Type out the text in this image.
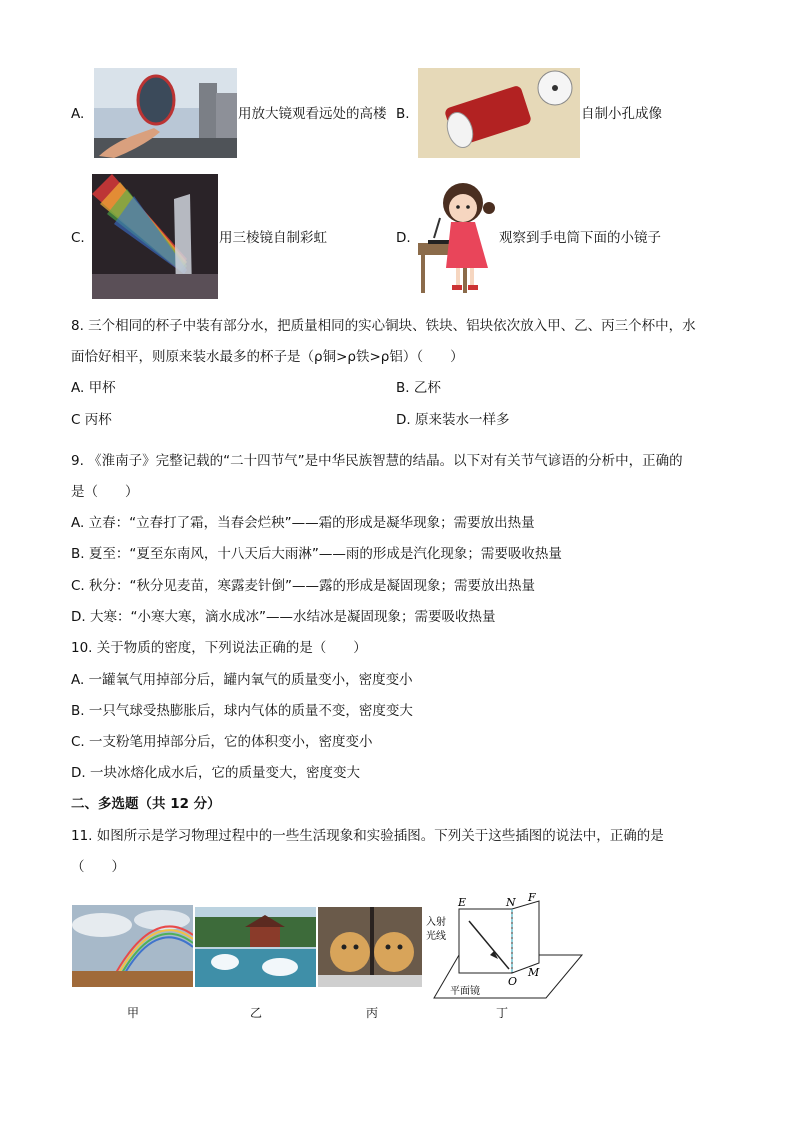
A.	用放大镜观看远处的高楼 B.	自制小孔成像
C.	用三棱镜自制彩虹	D.	观察到手电筒下面的小镜子
8. 三个相同的杯子中装有部分水，把质量相同的实心铜块、铁块、铝块依次放入甲、乙、丙三个杯中，水
面恰好相平，则原来装水最多的杯子是（ρ铜>ρ铁>ρ铝）（　　）
A. 甲杯	B. 乙杯
C 丙杯	D. 原来装水一样多
9. 《淮南子》完整记载的“二十四节气”是中华民族智慧的结晶。以下对有关节气谚语的分析中，正确的
是（　　）
A. 立春：“立春打了霜，当春会烂秧”——霜的形成是凝华现象；需要放出热量
B. 夏至：“夏至东南风，十八天后大雨淋”——雨的形成是汽化现象；需要吸收热量
C. 秋分：“秋分见麦苗，寒露麦针倒”——露的形成是凝固现象；需要放出热量
D. 大寒：“小寒大寒，滴水成冰”——水结冰是凝固现象；需要吸收热量
10. 关于物质的密度，下列说法正确的是（　　）
A. 一罐氧气用掉部分后，罐内氧气的质量变小，密度变小
B. 一只气球受热膨胀后，球内气体的质量不变，密度变大
C. 一支粉笔用掉部分后，它的体积变小，密度变小
D. 一块冰熔化成水后，它的质量变大，密度变大
二、多选题（共 12 分）
11. 如图所示是学习物理过程中的一些生活现象和实验插图。下列关于这些插图的说法中，正确的是
（　　）
E	N F
O
M
入射
光线
平面镜
甲	乙	丙	丁
